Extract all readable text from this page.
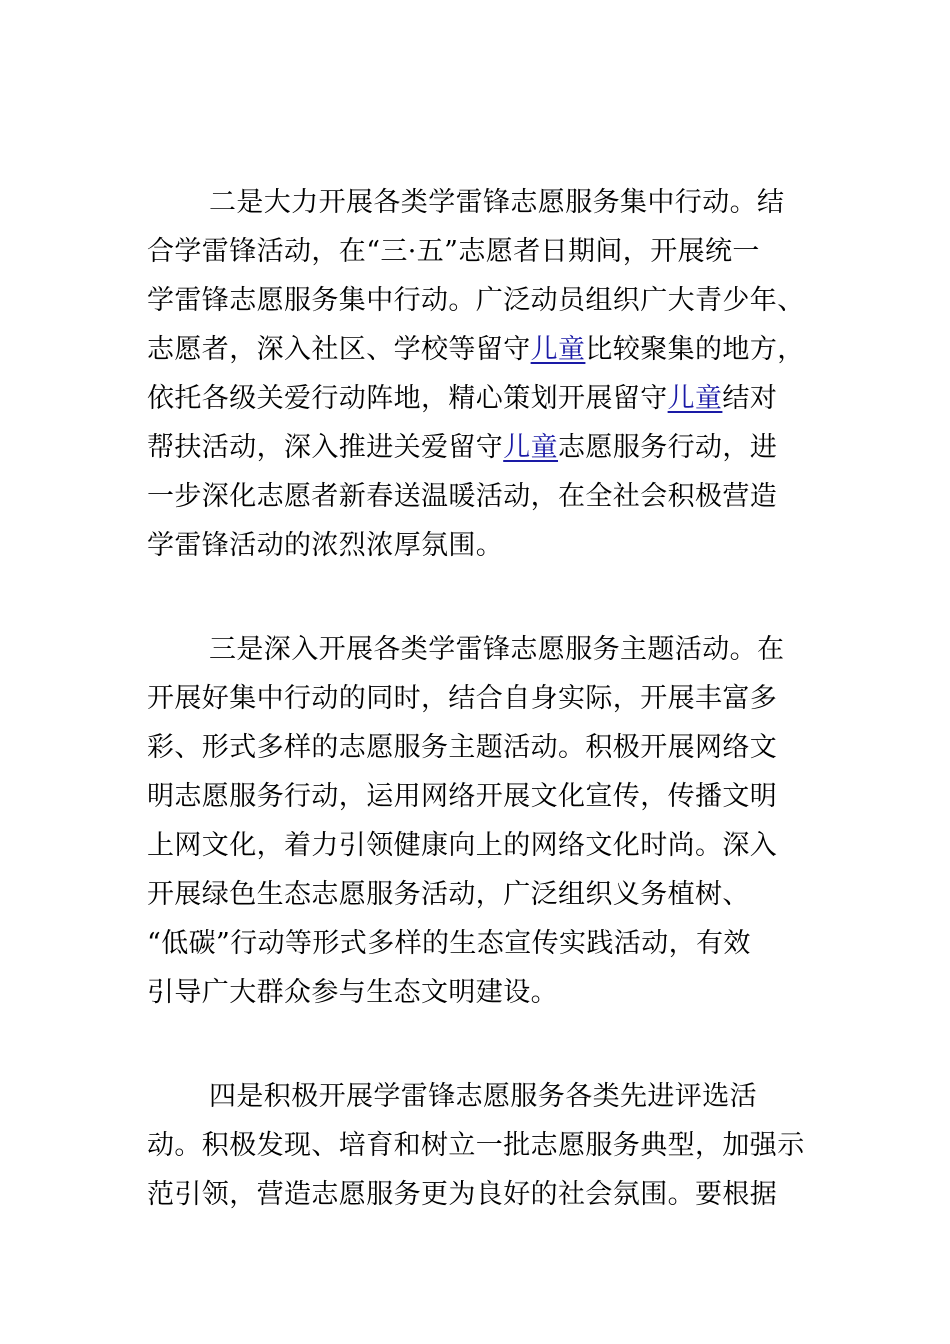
二是大力开展各类学雷锋志愿服务集中行动。结
合学雷锋活动，在“三·五”志愿者日期间，开展统一
学雷锋志愿服务集中行动。广泛动员组织广大青少年、
志愿者，深入社区、学校等留守儿童比较聚集的地方，
依托各级关爱行动阵地，精心策划开展留守儿童结对
帮扶活动，深入推进关爱留守儿童志愿服务行动，进
一步深化志愿者新春送温暖活动，在全社会积极营造
学雷锋活动的浓烈浓厚氛围。
三是深入开展各类学雷锋志愿服务主题活动。在
开展好集中行动的同时，结合自身实际，开展丰富多
彩、形式多样的志愿服务主题活动。积极开展网络文
明志愿服务行动，运用网络开展文化宣传，传播文明
上网文化，着力引领健康向上的网络文化时尚。深入
开展绿色生态志愿服务活动，广泛组织义务植树、
“低碳”行动等形式多样的生态宣传实践活动，有效
引导广大群众参与生态文明建设。
四是积极开展学雷锋志愿服务各类先进评选活
动。积极发现、培育和树立一批志愿服务典型，加强示
范引领，营造志愿服务更为良好的社会氛围。要根据
